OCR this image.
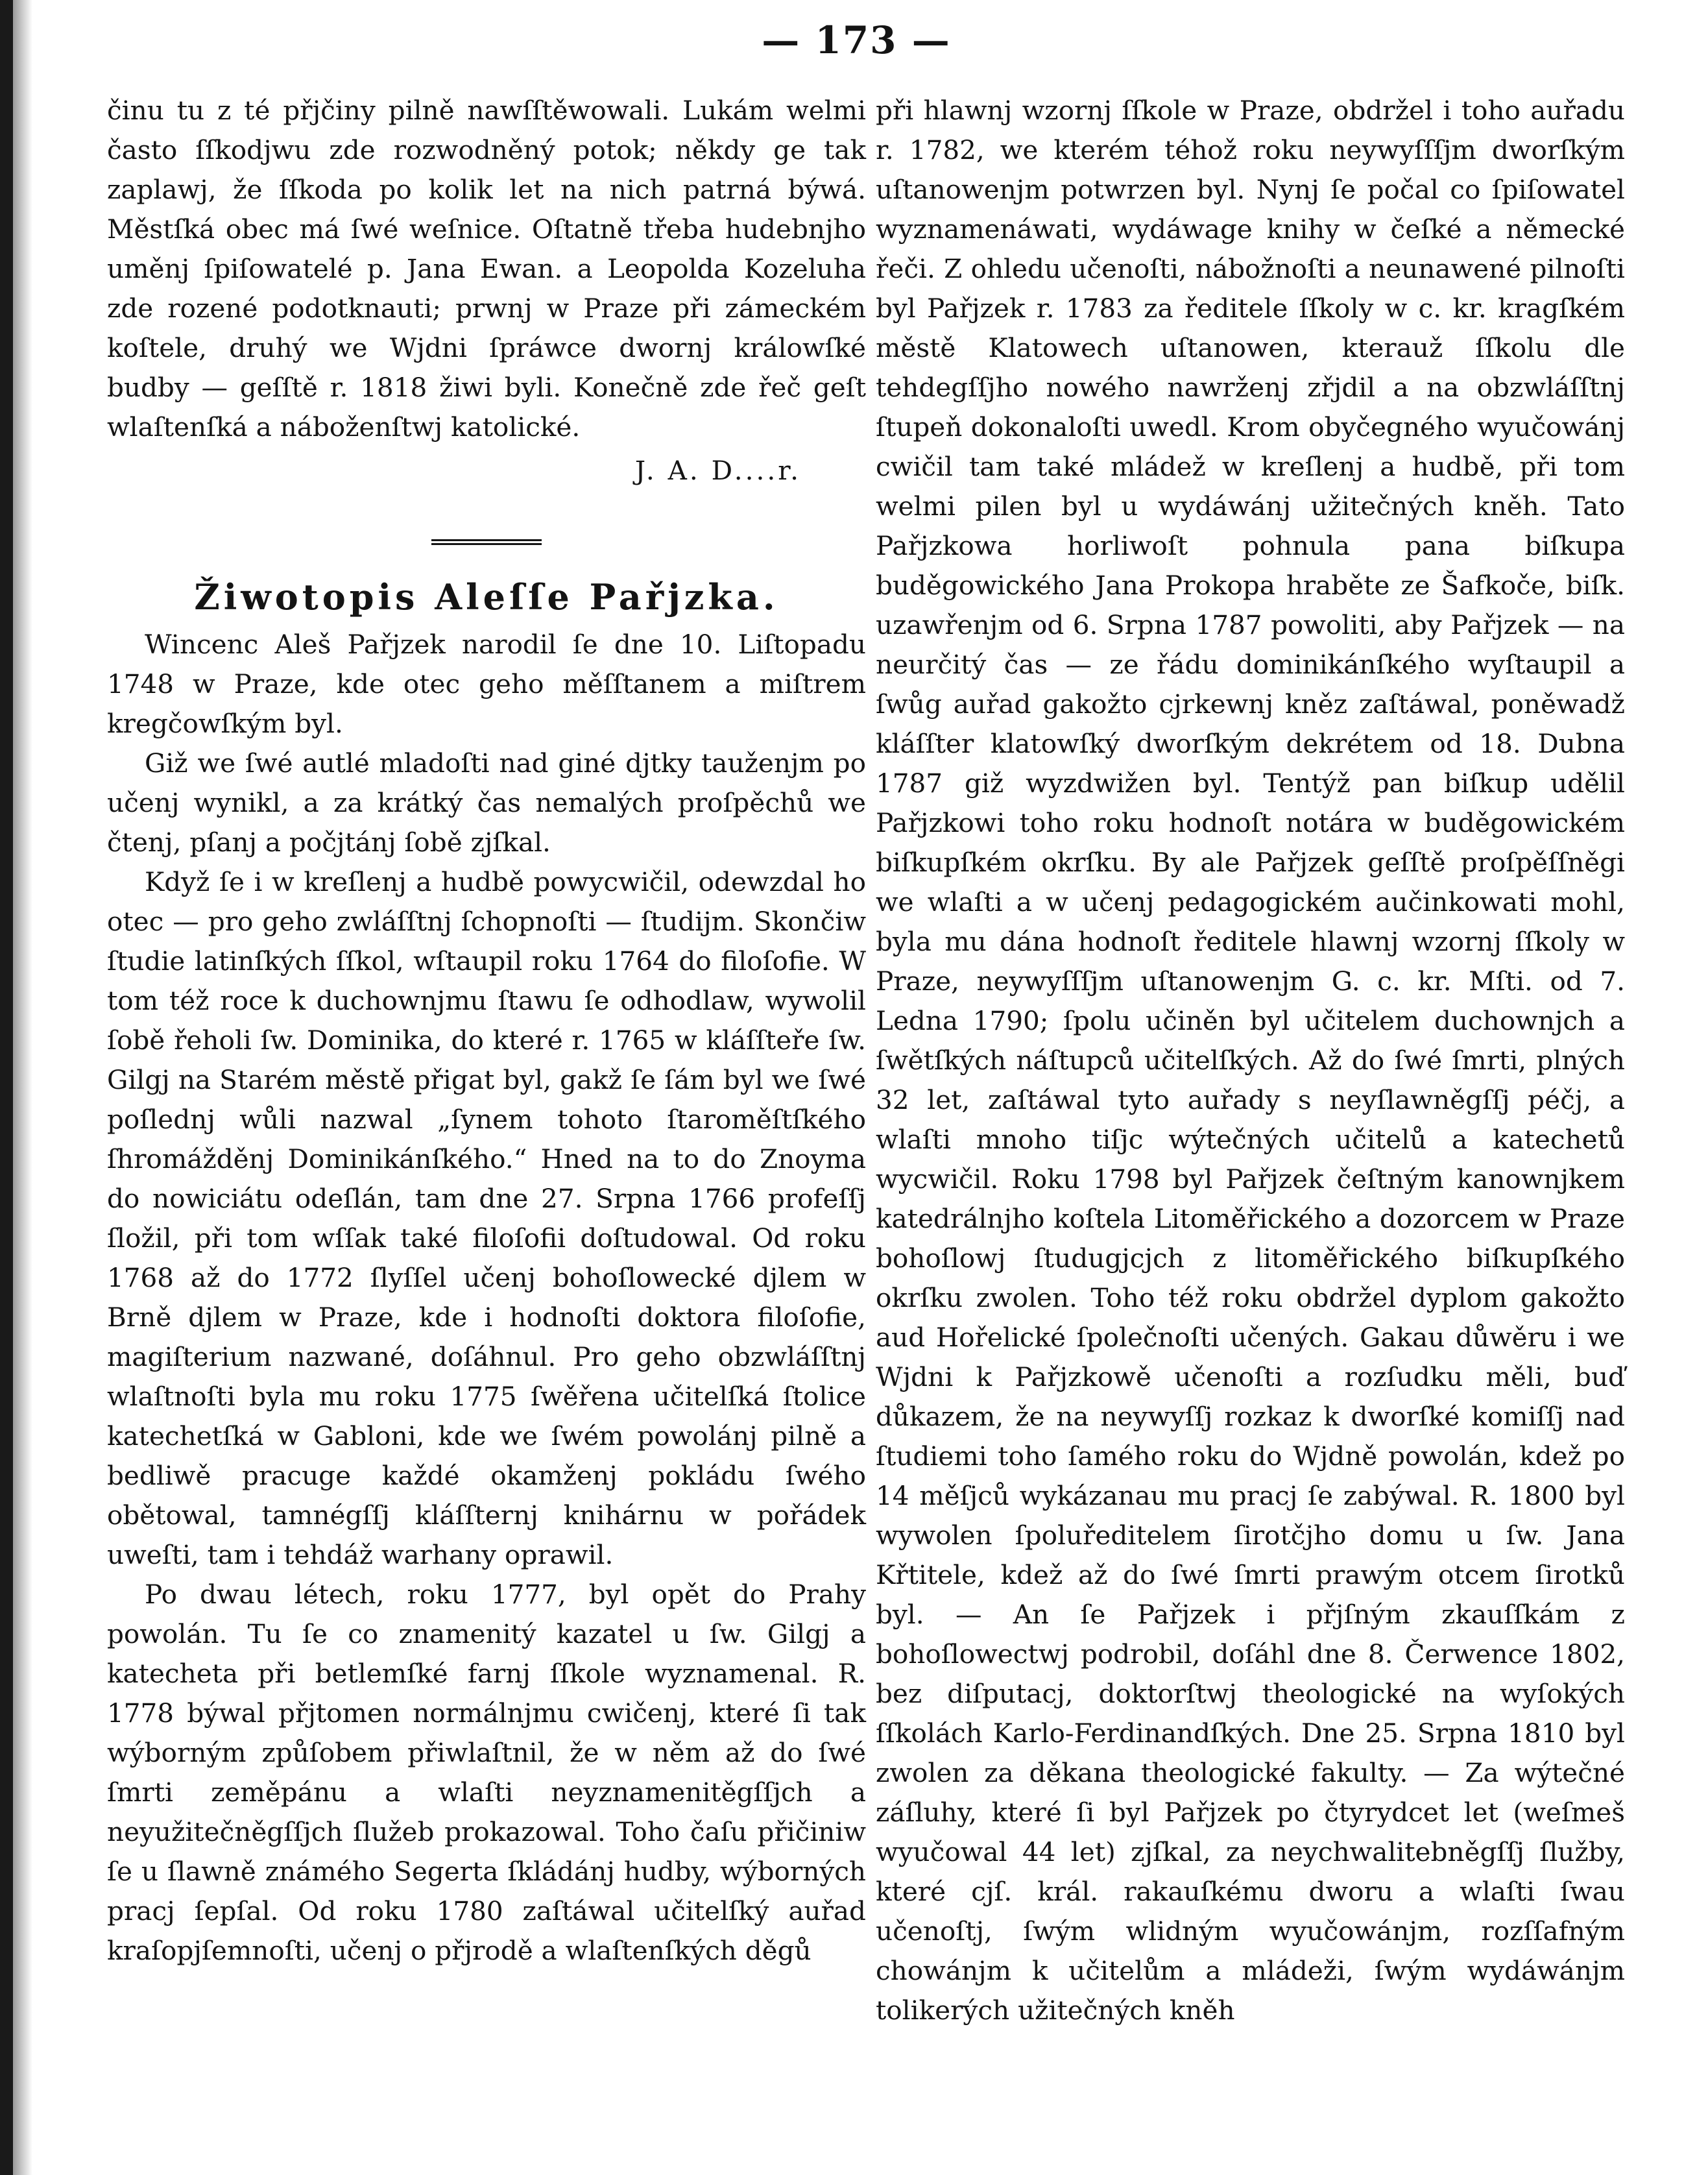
— 173 —

činu tu z té přjčiny pilně nawſſtěwowali. Lukám welmi často ſſkodjwu zde rozwodněný potok; někdy ge tak zaplawj, že ſſkoda po kolik let na nich patrná býwá. Městſká obec má ſwé weſnice. Oſtatně třeba hudebnjho uměnj ſpiſowatelé p. Jana Ewan. a Leopolda Kozeluha zde rozené podotknauti; prwnj w Praze při zámeckém koſtele, druhý we Wjdni ſpráwce dwornj králowſké budby — geſſtě r. 1818 žiwi byli. Konečně zde řeč geſt wlaſtenſká a náboženſtwj katolické.

J. A. D....r.

Žiwotopis Aleſſe Pařjzka.

Wincenc Aleš Pařjzek narodil ſe dne 10. Liſtopadu 1748 w Praze, kde otec geho měſſtanem a miſtrem kregčowſkým byl.

Giž we ſwé autlé mladoſti nad giné djtky tauženjm po učenj wynikl, a za krátký čas nemalých proſpěchů we čtenj, pſanj a počjtánj ſobě zjſkal.

Když ſe i w kreſlenj a hudbě powycwičil, odewzdal ho otec — pro geho zwláſſtnj ſchopnoſti — ſtudijm. Skončiw ſtudie latinſkých ſſkol, wſtaupil roku 1764 do filoſofie. W tom též roce k duchownjmu ſtawu ſe odhodlaw, wywolil ſobě řeholi ſw. Dominika, do které r. 1765 w kláſſteře ſw. Gilgj na Starém městě přigat byl, gakž ſe ſám byl we ſwé poſlednj wůli nazwal „ſynem tohoto ſtaroměſtſkého ſhromážděnj Dominikánſkého.“ Hned na to do Znoyma do nowiciátu odeſlán, tam dne 27. Srpna 1766 profeſſj ſložil, při tom wſſak také filoſofii doſtudowal. Od roku 1768 až do 1772 ſlyſſel učenj bohoſlowecké djlem w Brně djlem w Praze, kde i hodnoſti doktora filoſofie, magiſterium nazwané, doſáhnul. Pro geho obzwláſſtnj wlaſtnoſti byla mu roku 1775 ſwěřena učitelſká ſtolice katechetſká w Gabloni, kde we ſwém powolánj pilně a bedliwě pracuge každé okamženj pokládu ſwého obětowal, tamnégſſj kláſſternj knihárnu w pořádek uweſti, tam i tehdáž warhany oprawil.

Po dwau létech, roku 1777, byl opět do Prahy powolán. Tu ſe co znamenitý kazatel u ſw. Gilgj a katecheta při betlemſké farnj ſſkole wyznamenal. R. 1778 býwal přjtomen normálnjmu cwičenj, které ſi tak wýborným způſobem přiwlaſtnil, že w něm až do ſwé ſmrti zeměpánu a wlaſti neyznamenitěgſſjch a neyužitečněgſſjch ſlužeb prokazowal. Toho čaſu přičiniw ſe u ſlawně známého Segerta ſkládánj hudby, wýborných pracj ſepſal. Od roku 1780 zaſtáwal učitelſký auřad kraſopjſemnoſti, učenj o přjrodě a wlaſtenſkých děgů

při hlawnj wzornj ſſkole w Praze, obdržel i toho auřadu r. 1782, we kterém téhož roku neywyſſſjm dworſkým uſtanowenjm potwrzen byl. Nynj ſe počal co ſpiſowatel wyznamenáwati, wydáwage knihy w čeſké a německé řeči. Z ohledu učenoſti, nábožnoſti a neunawené pilnoſti byl Pařjzek r. 1783 za ředitele ſſkoly w c. kr. kragſkém městě Klatowech uſtanowen, kterauž ſſkolu dle tehdegſſjho nowého nawrženj zřjdil a na obzwláſſtnj ſtupeň dokonaloſti uwedl. Krom obyčegného wyučowánj cwičil tam také mládež w kreſlenj a hudbě, při tom welmi pilen byl u wydáwánj užitečných kněh. Tato Pařjzkowa horliwoſt pohnula pana biſkupa buděgowického Jana Prokopa hraběte ze Šafkoče, biſk. uzawřenjm od 6. Srpna 1787 powoliti, aby Pařjzek — na neurčitý čas — ze řádu dominikánſkého wyſtaupil a ſwůg auřad gakožto cjrkewnj kněz zaſtáwal, poněwadž kláſſter klatowſký dworſkým dekrétem od 18. Dubna 1787 giž wyzdwižen byl. Tentýž pan biſkup udělil Pařjzkowi toho roku hodnoſt notára w buděgowickém biſkupſkém okrſku. By ale Pařjzek geſſtě proſpěſſněgi we wlaſti a w učenj pedagogickém aučinkowati mohl, byla mu dána hodnoſt ředitele hlawnj wzornj ſſkoly w Praze, neywyſſſjm uſtanowenjm G. c. kr. Mſti. od 7. Ledna 1790; ſpolu učiněn byl učitelem duchownjch a ſwětſkých náſtupců učitelſkých. Až do ſwé ſmrti, plných 32 let, zaſtáwal tyto auřady s neyſlawněgſſj péčj, a wlaſti mnoho tiſjc wýtečných učitelů a katechetů wycwičil. Roku 1798 byl Pařjzek čeſtným kanownjkem katedrálnjho koſtela Litoměřického a dozorcem w Praze bohoſlowj ſtudugjcjch z litoměřického biſkupſkého okrſku zwolen. Toho též roku obdržel dyplom gakožto aud Hořelické ſpolečnoſti učených. Gakau důwěru i we Wjdni k Pařjzkowě učenoſti a rozſudku měli, buď důkazem, že na neywyſſj rozkaz k dworſké komiſſj nad ſtudiemi toho ſamého roku do Wjdně powolán, kdež po 14 měſjců wykázanau mu pracj ſe zabýwal. R. 1800 byl wywolen ſpoluředitelem ſirotčjho domu u ſw. Jana Křtitele, kdež až do ſwé ſmrti prawým otcem ſirotků byl. — An ſe Pařjzek i přjſným zkauſſkám z bohoſlowectwj podrobil, doſáhl dne 8. Čerwence 1802, bez diſputacj, doktorſtwj theologické na wyſokých ſſkolách Karlo-Ferdinandſkých. Dne 25. Srpna 1810 byl zwolen za děkana theologické fakulty. — Za wýtečné záſluhy, které ſi byl Pařjzek po čtyrydcet let (weſmeš wyučowal 44 let) zjſkal, za neychwalitebněgſſj ſlužby, které cjſ. král. rakauſkému dworu a wlaſti ſwau učenoſtj, ſwým wlidným wyučowánjm, rozſſafným chowánjm k učitelům a mládeži, ſwým wydáwánjm tolikerých užitečných kněh
